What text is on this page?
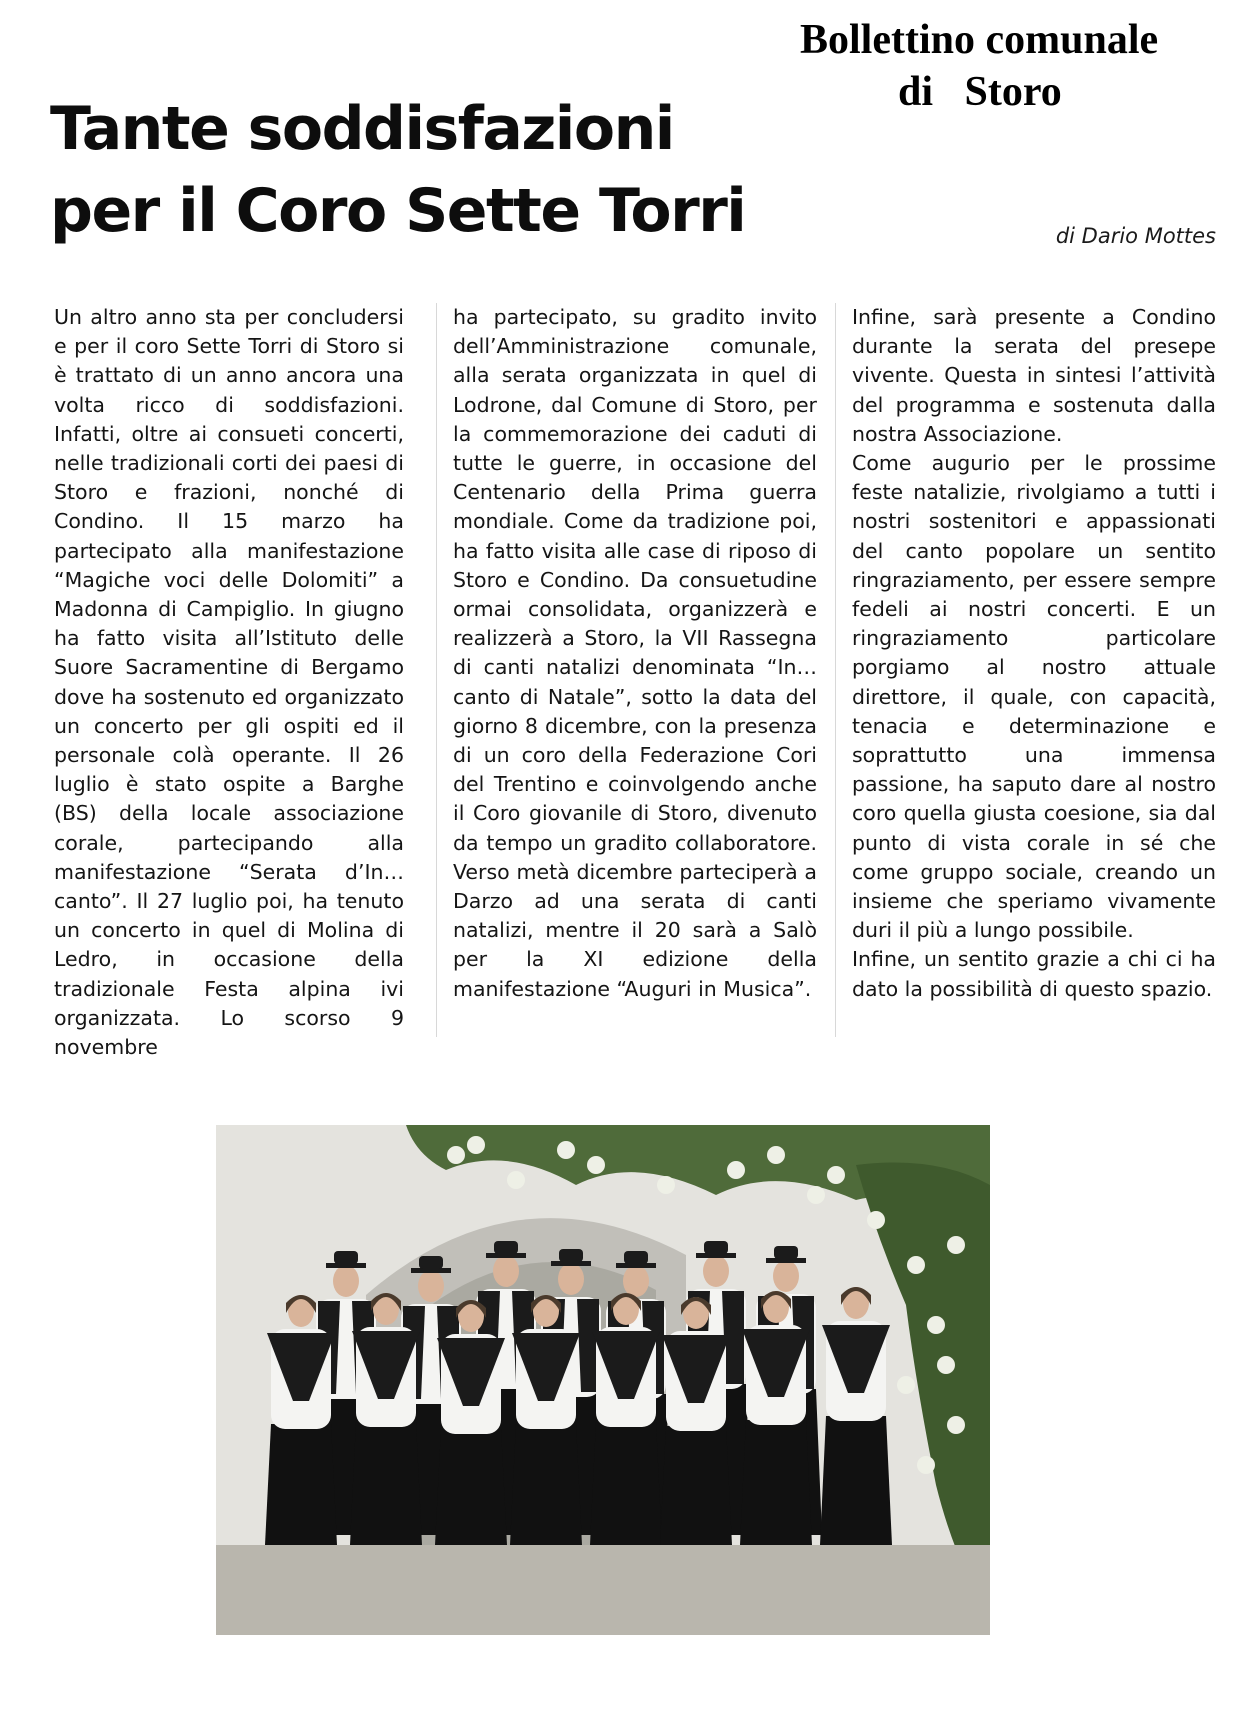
Bollettino comunale
di   Storo
Tante soddisfazioni
per il Coro Sette Torri	di Dario Mottes

Un altro anno sta per concludersi e per il coro Sette Torri di Storo si è trattato di un anno ancora una volta ricco di soddisfazioni. Infatti, oltre ai consueti concerti, nelle tradizionali corti dei paesi di Storo e frazioni, nonché di Condino. Il 15 marzo ha partecipato alla manifestazione “Magiche voci delle Dolomiti” a Madonna di Campiglio. In giugno ha fatto visita all’Istituto delle Suore Sacramentine di Bergamo dove ha sostenuto ed organizzato un concerto per gli ospiti ed il personale colà operante. Il 26 luglio è stato ospite a Barghe (BS) della locale associazione corale, partecipando alla manifestazione “Serata d’In… canto”. Il 27 luglio poi, ha tenuto un concerto in quel di Molina di Ledro, in occasione della tradizionale Festa alpina ivi organizzata. Lo scorso 9 novembre

ha partecipato, su gradito invito dell’Amministrazione comunale, alla serata organizzata in quel di Lodrone, dal Comune di Storo, per la commemorazione dei caduti di tutte le guerre, in occasione del Centenario della Prima guerra mondiale. Come da tradizione poi, ha fatto visita alle case di riposo di Storo e Condino. Da consuetudine ormai consolidata, organizzerà e realizzerà a Storo, la VII Rassegna di canti natalizi denominata “In…canto di Natale”, sotto la data del giorno 8 dicembre, con la presenza di un coro della Federazione Cori del Trentino e coinvolgendo anche il Coro giovanile di Storo, divenuto da tempo un gradito collaboratore. Verso metà dicembre parteciperà a Darzo ad una serata di canti natalizi, mentre il 20 sarà a Salò per la XI edizione della manifestazione “Auguri in Musica”.

Infine, sarà presente a Condino durante la serata del presepe vivente. Questa in sintesi l’attività del programma e sostenuta dalla nostra Associazione.

Come augurio per le prossime feste natalizie, rivolgiamo a tutti i nostri sostenitori e appassionati del canto popolare un sentito ringraziamento, per essere sempre fedeli ai nostri concerti. E un ringraziamento particolare porgiamo al nostro attuale direttore, il quale, con capacità, tenacia e determinazione e soprattutto una immensa passione, ha saputo dare al nostro coro quella giusta coesione, sia dal punto di vista corale in sé che come gruppo sociale, creando un insieme che speriamo vivamente duri il più a lungo possibile.

Infine, un sentito grazie a chi ci ha dato la possibilità di questo spazio.
